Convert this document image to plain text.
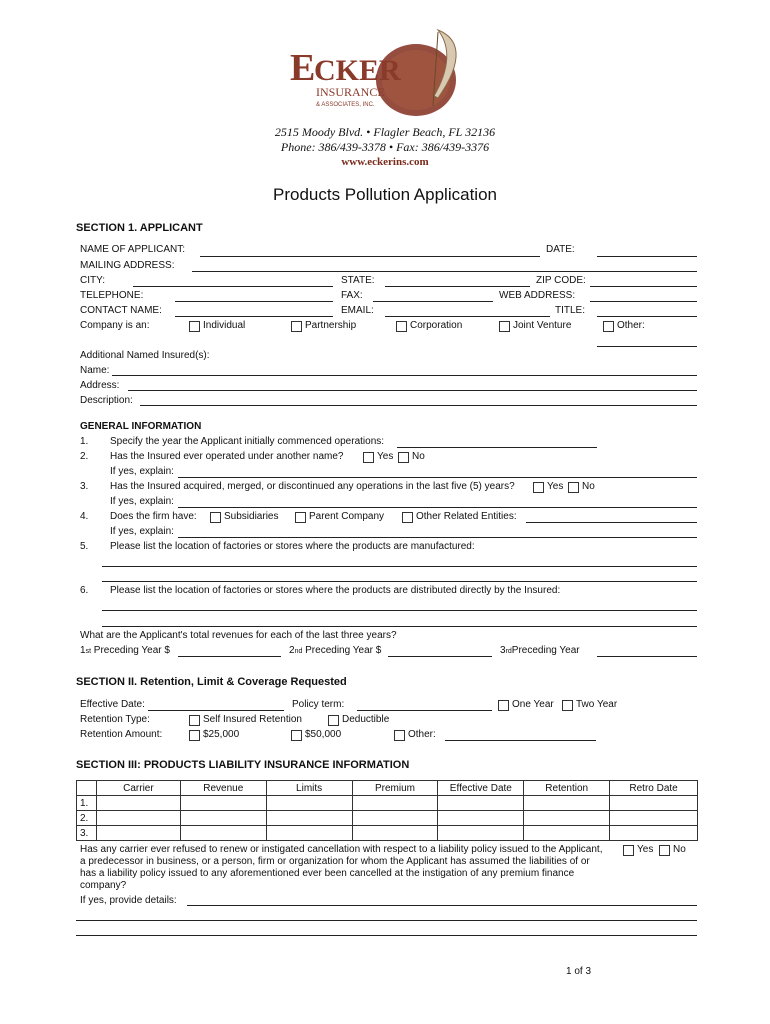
E
CKER
INSURANCE
& ASSOCIATES, INC.
2515 Moody Blvd. • Flagler Beach, FL 32136
Phone: 386/439-3378 • Fax: 386/439-3376
www.eckerins.com
Products Pollution Application
SECTION 1. APPLICANT
NAME OF APPLICANT:	DATE:
MAILING ADDRESS:
CITY:	STATE:	ZIP CODE:
TELEPHONE:	FAX:	WEB ADDRESS:
CONTACT NAME:	EMAIL:	TITLE:
Company is an:	Individual	Partnership	Corporation	Joint Venture	Other:
Additional Named Insured(s):
Name:
Address:
Description:
GENERAL INFORMATION
1. Specify the year the Applicant initially commenced operations:
2. Has the Insured ever operated under another name?	Yes No
If yes, explain:
3. Has the Insured acquired, merged, or discontinued any operations in the last five (5) years?	Yes No
If yes, explain:
4. Does the firm have:	Subsidiaries	Parent Company	Other Related Entities:
If yes, explain:
5. Please list the location of factories or stores where the products are manufactured:
6. Please list the location of factories or stores where the products are distributed directly by the Insured:
What are the Applicant's total revenues for each of the last three years?
1st Preceding Year $	2nd Preceding Year $	3rdPreceding Year
SECTION II. Retention, Limit & Coverage Requested
Effective Date:	Policy term:	One Year Two Year
Retention Type:	Self Insured Retention	Deductible
Retention Amount:	$25,000	$50,000	Other:
SECTION III: PRODUCTS LIABILITY INSURANCE INFORMATION
	Carrier	Revenue	Limits	Premium	Effective Date	Retention	Retro Date
1.							
2.							
3.							
Has any carrier ever refused to renew or instigated cancellation with respect to a liability policy issued to the Applicant,
a predecessor in business, or a person, firm or organization for whom the Applicant has assumed the liabilities of or
has a liability policy issued to any aforementioned ever been cancelled at the instigation of any premium finance
company?
Yes No
If yes, provide details:
1 of 3
